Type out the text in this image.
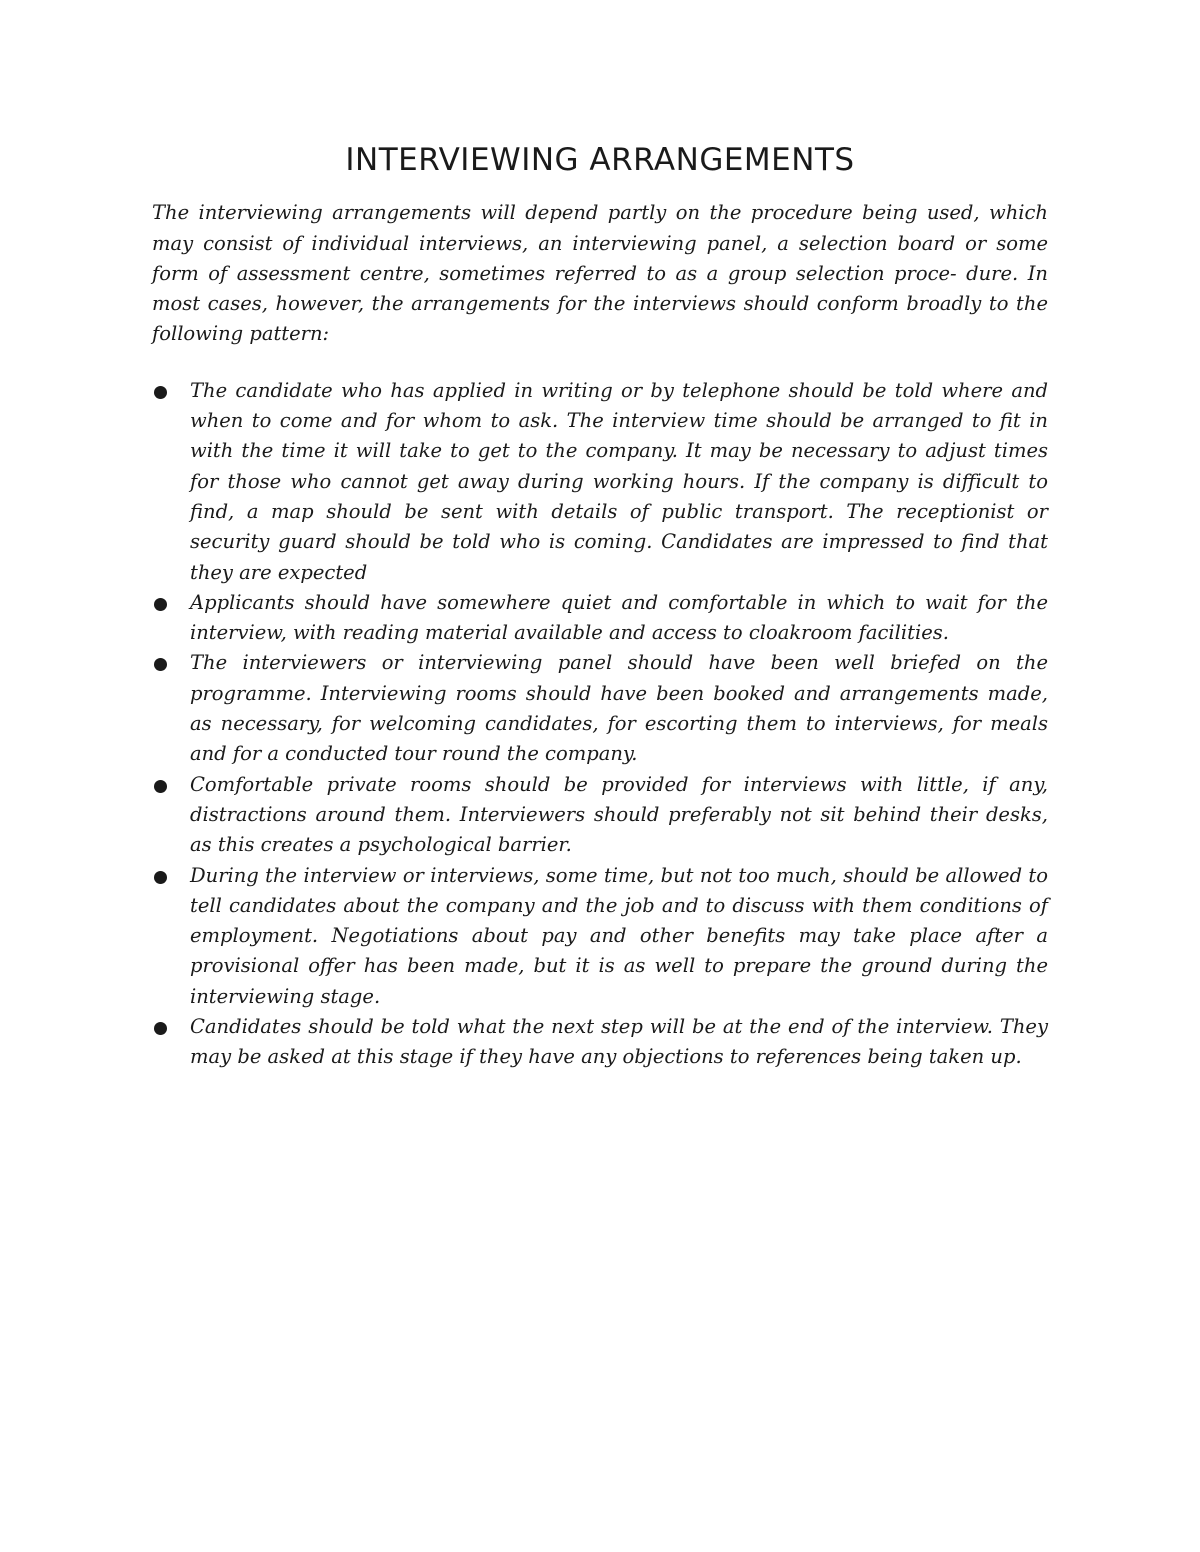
INTERVIEWING ARRANGEMENTS

The interviewing arrangements will depend partly on the procedure being used, which may consist of individual interviews, an interviewing panel, a selection board or some form of assessment centre, sometimes referred to as a group selection proce- dure. In most cases, however, the arrangements for the interviews should conform broadly to the following pattern:

The candidate who has applied in writing or by telephone should be told where and when to come and for whom to ask. The interview time should be arranged to fit in with the time it will take to get to the company. It may be necessary to adjust times for those who cannot get away during working hours. If the company is difficult to find, a map should be sent with details of public transport. The receptionist or security guard should be told who is coming. Candidates are impressed to find that they are expected
Applicants should have somewhere quiet and comfortable in which to wait for the interview, with reading material available and access to cloakroom facilities.
The interviewers or interviewing panel should have been well briefed on the programme. Interviewing rooms should have been booked and arrangements made, as necessary, for welcoming candidates, for escorting them to interviews, for meals and for a conducted tour round the company.
Comfortable private rooms should be provided for interviews with little, if any, distractions around them. Interviewers should preferably not sit behind their desks, as this creates a psychological barrier.
During the interview or interviews, some time, but not too much, should be allowed to tell candidates about the company and the job and to discuss with them conditions of employment. Negotiations about pay and other benefits may take place after a provisional offer has been made, but it is as well to prepare the ground during the interviewing stage.
Candidates should be told what the next step will be at the end of the interview. They may be asked at this stage if they have any objections to references being taken up.
